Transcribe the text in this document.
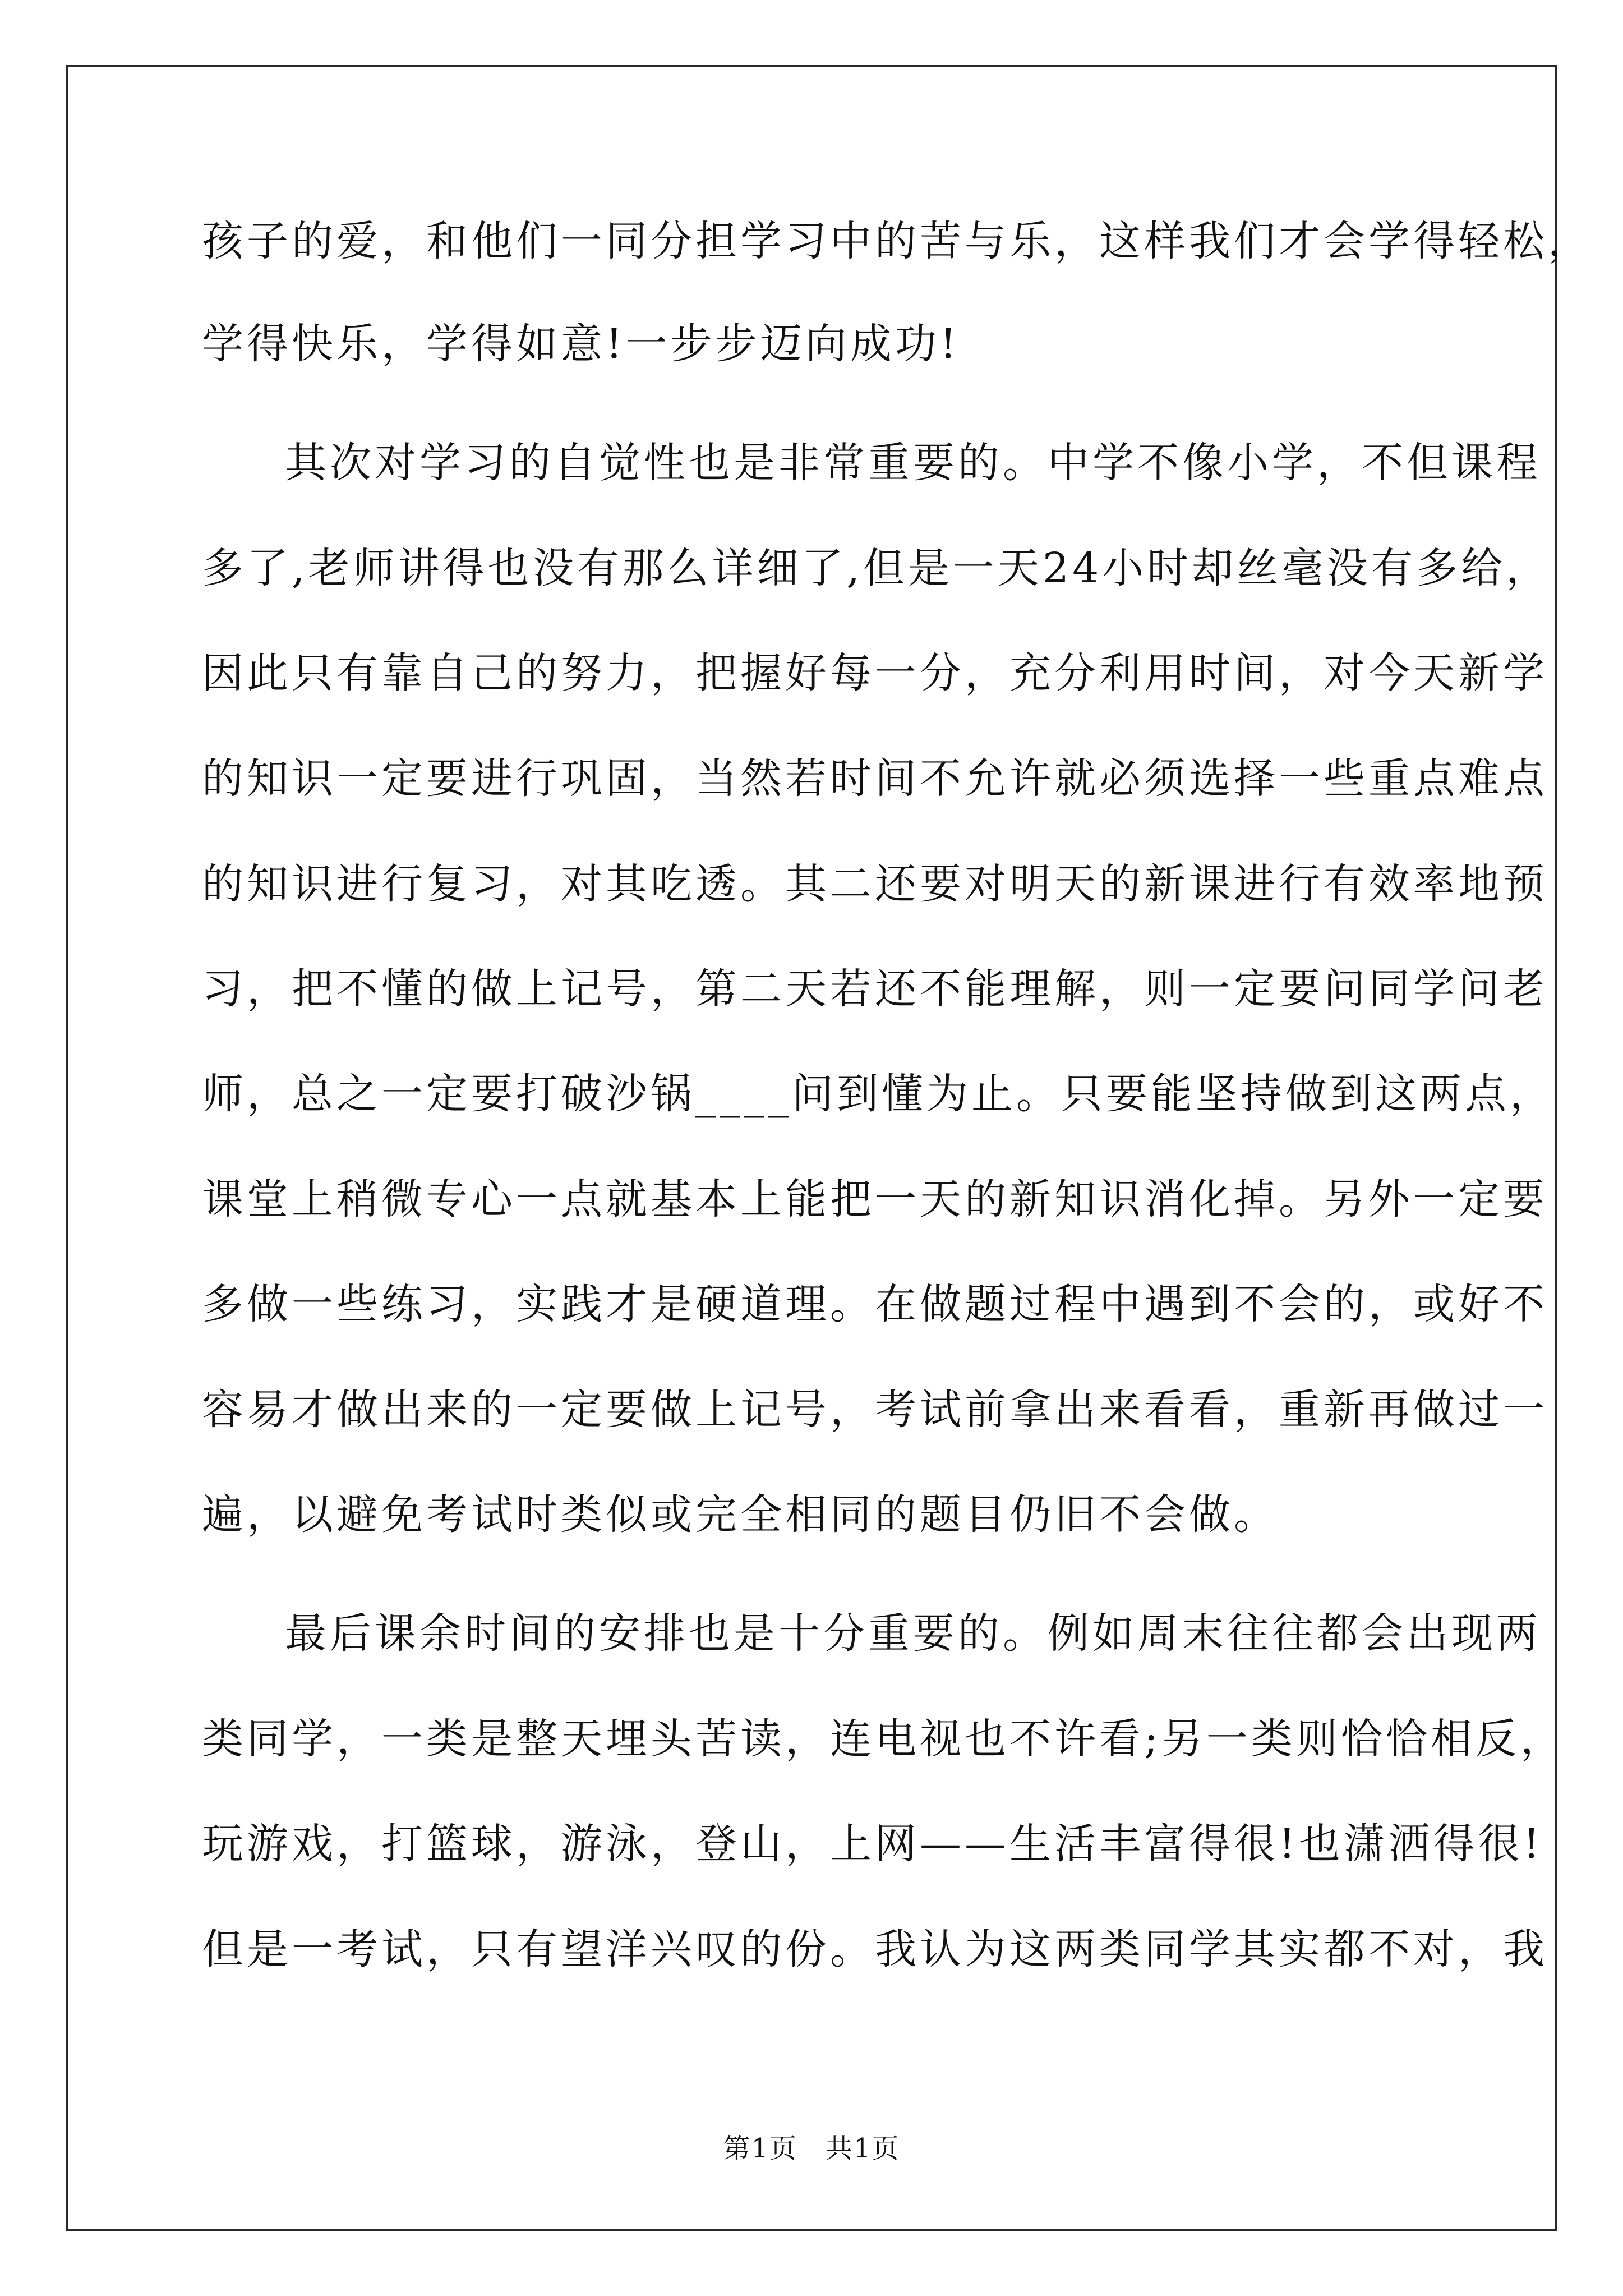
孩子的爱，和他们一同分担学习中的苦与乐，这样我们才会学得轻松，
学得快乐，学得如意!一步步迈向成功!
其次对学习的自觉性也是非常重要的。中学不像小学，不但课程
多了,老师讲得也没有那么详细了,但是一天24小时却丝毫没有多给，
因此只有靠自己的努力，把握好每一分，充分利用时间，对今天新学
的知识一定要进行巩固，当然若时间不允许就必须选择一些重点难点
的知识进行复习，对其吃透。其二还要对明天的新课进行有效率地预
习，把不懂的做上记号，第二天若还不能理解，则一定要问同学问老
师，总之一定要打破沙锅____问到懂为止。只要能坚持做到这两点，
课堂上稍微专心一点就基本上能把一天的新知识消化掉。另外一定要
多做一些练习，实践才是硬道理。在做题过程中遇到不会的，或好不
容易才做出来的一定要做上记号，考试前拿出来看看，重新再做过一
遍，以避免考试时类似或完全相同的题目仍旧不会做。
最后课余时间的安排也是十分重要的。例如周末往往都会出现两
类同学，一类是整天埋头苦读，连电视也不许看;另一类则恰恰相反，
玩游戏，打篮球，游泳，登山，上网——生活丰富得很!也潇洒得很!
但是一考试，只有望洋兴叹的份。我认为这两类同学其实都不对，我
第1页　共1页
